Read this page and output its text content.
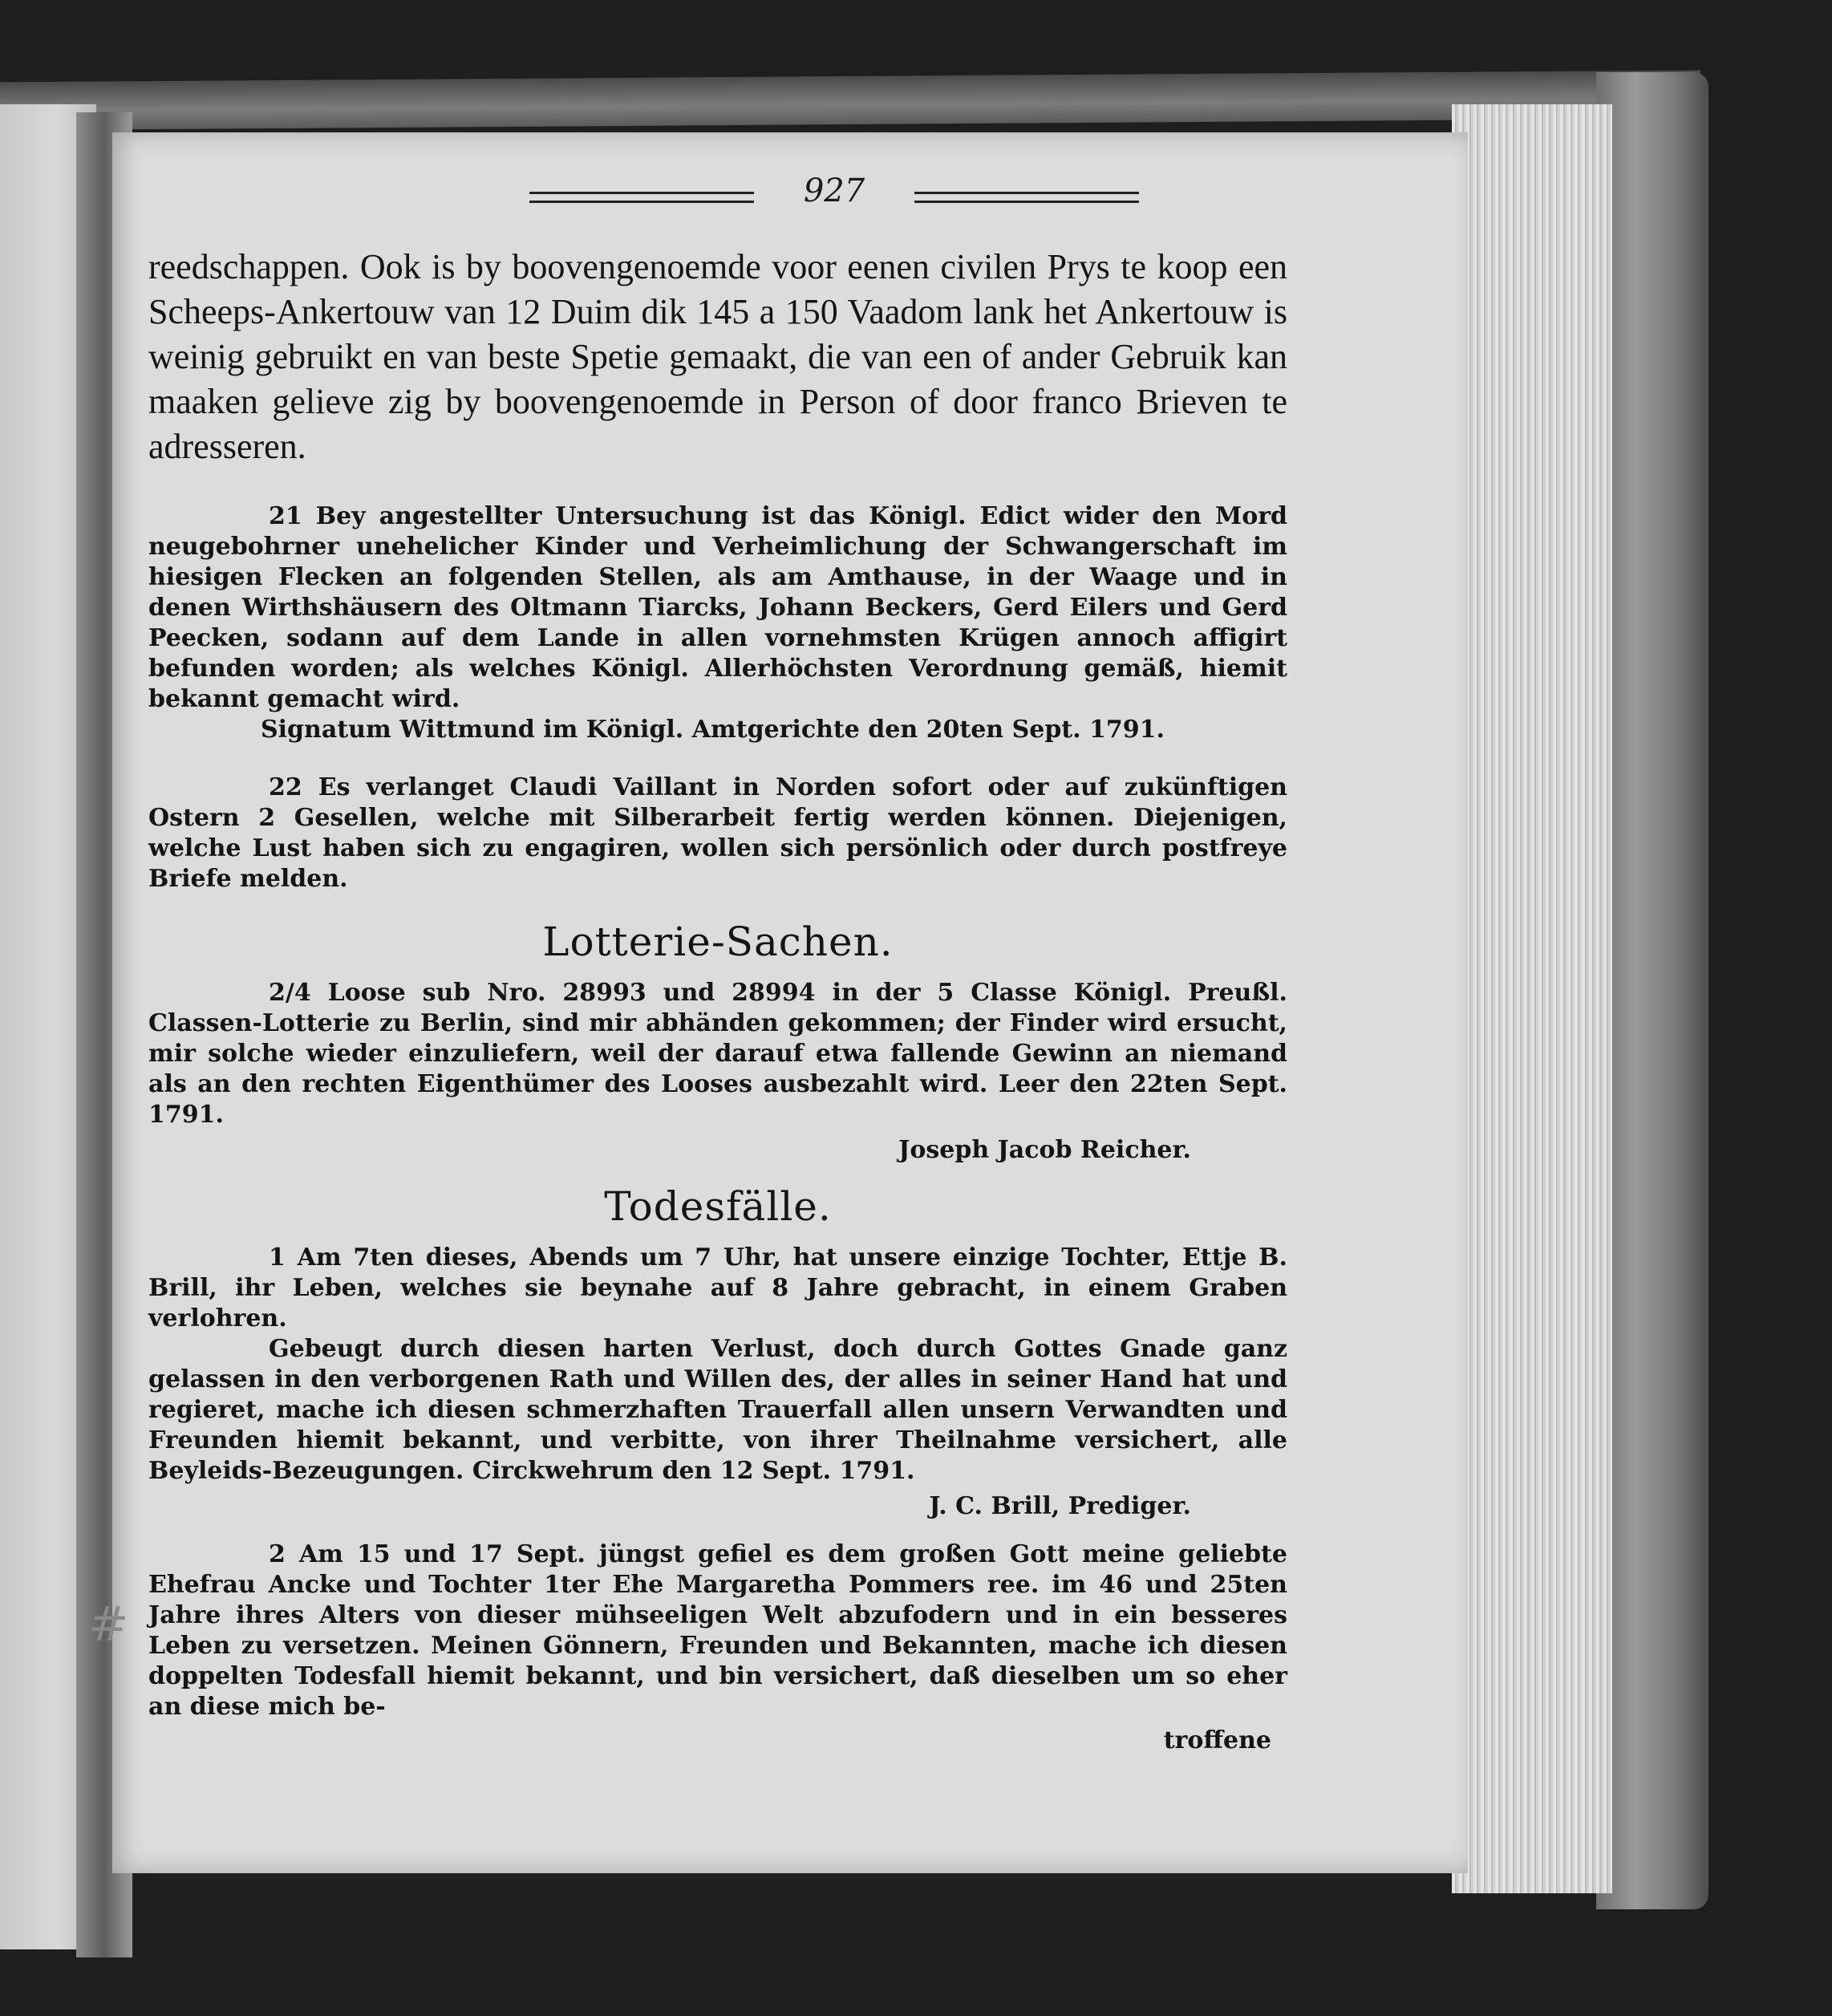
927
#

reedschappen. Ook is by boovengenoemde voor eenen civilen Prys te koop een Scheeps-Ankertouw van 12 Duim dik 145 a 150 Vaadom lank het Ankertouw is weinig gebruikt en van beste Spetie gemaakt, die van een of ander Gebruik kan maaken gelieve zig by boovengenoemde in Person of door franco Brieven te adresseren.

21 Bey angestellter Untersuchung ist das Königl. Edict wider den Mord neugebohrner unehelicher Kinder und Verheimlichung der Schwangerschaft im hiesigen Flecken an folgenden Stellen, als am Amthause, in der Waage und in denen Wirthshäusern des Oltmann Tiarcks, Johann Beckers, Gerd Eilers und Gerd Peecken, sodann auf dem Lande in allen vornehmsten Krügen annoch affigirt befunden worden; als welches Königl. Allerhöchsten Verordnung gemäß, hiemit bekannt gemacht wird.

Signatum Wittmund im Königl. Amtgerichte den 20ten Sept. 1791.

22 Es verlanget Claudi Vaillant in Norden sofort oder auf zukünftigen Ostern 2 Gesellen, welche mit Silberarbeit fertig werden können. Diejenigen, welche Lust haben sich zu engagiren, wollen sich persönlich oder durch postfreye Briefe melden.

Lotterie-Sachen.

2/4 Loose sub Nro. 28993 und 28994 in der 5 Classe Königl. Preußl. Classen-Lotterie zu Berlin, sind mir abhänden gekommen; der Finder wird ersucht, mir solche wieder einzuliefern, weil der darauf etwa fallende Gewinn an niemand als an den rechten Eigenthümer des Looses ausbezahlt wird. Leer den 22ten Sept. 1791.

Joseph Jacob Reicher.

Todesfälle.

1 Am 7ten dieses, Abends um 7 Uhr, hat unsere einzige Tochter, Ettje B. Brill, ihr Leben, welches sie beynahe auf 8 Jahre gebracht, in einem Graben verlohren.

Gebeugt durch diesen harten Verlust, doch durch Gottes Gnade ganz gelassen in den verborgenen Rath und Willen des, der alles in seiner Hand hat und regieret, mache ich diesen schmerzhaften Trauerfall allen unsern Verwandten und Freunden hiemit bekannt, und verbitte, von ihrer Theilnahme versichert, alle Beyleids-Bezeugungen. Circkwehrum den 12 Sept. 1791.

J. C. Brill, Prediger.

2 Am 15 und 17 Sept. jüngst gefiel es dem großen Gott meine geliebte Ehefrau Ancke und Tochter 1ter Ehe Margaretha Pommers ree. im 46 und 25ten Jahre ihres Alters von dieser mühseeligen Welt abzufodern und in ein besseres Leben zu versetzen. Meinen Gönnern, Freunden und Bekannten, mache ich diesen doppelten Todesfall hiemit bekannt, und bin versichert, daß dieselben um so eher an diese mich be-

troffene
